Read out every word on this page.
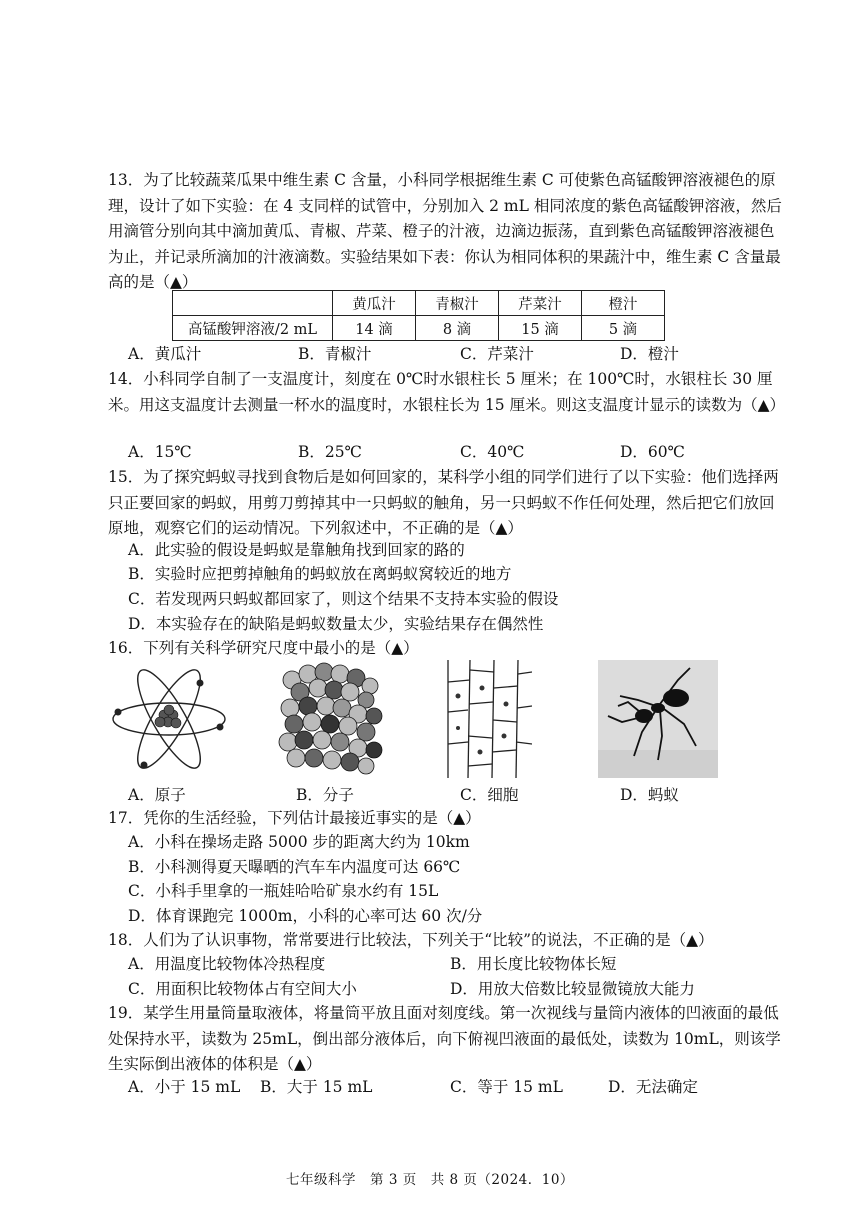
13．为了比较蔬菜瓜果中维生素 C 含量，小科同学根据维生素 C 可使紫色高锰酸钾溶液褪色的原理，设计了如下实验：在 4 支同样的试管中，分别加入 2 mL 相同浓度的紫色高锰酸钾溶液，然后用滴管分别向其中滴加黄瓜、青椒、芹菜、橙子的汁液，边滴边振荡，直到紫色高锰酸钾溶液褪色为止，并记录所滴加的汁液滴数。实验结果如下表：你认为相同体积的果蔬汁中，维生素 C 含量最高的是（▲）
	黄瓜汁	青椒汁	芹菜汁	橙汁
高锰酸钾溶液/2 mL	14 滴	8 滴	15 滴	5 滴
A．黄瓜汁	B．青椒汁	C．芹菜汁	D．橙汁
14．小科同学自制了一支温度计，刻度在 0℃时水银柱长 5 厘米；在 100℃时，水银柱长 30 厘米。用这支温度计去测量一杯水的温度时，水银柱长为 15 厘米。则这支温度计显示的读数为（▲）
A．15℃	B．25℃	C．40℃	D．60℃
15．为了探究蚂蚁寻找到食物后是如何回家的，某科学小组的同学们进行了以下实验：他们选择两只正要回家的蚂蚁，用剪刀剪掉其中一只蚂蚁的触角，另一只蚂蚁不作任何处理，然后把它们放回原地，观察它们的运动情况。下列叙述中，不正确的是（▲）
A．此实验的假设是蚂蚁是靠触角找到回家的路的
B．实验时应把剪掉触角的蚂蚁放在离蚂蚁窝较近的地方
C．若发现两只蚂蚁都回家了，则这个结果不支持本实验的假设
D．本实验存在的缺陷是蚂蚁数量太少，实验结果存在偶然性
16．下列有关科学研究尺度中最小的是（▲）
A．原子	B．分子	C．细胞	D．蚂蚁
17．凭你的生活经验，下列估计最接近事实的是（▲）
A．小科在操场走路 5000 步的距离大约为 10km
B．小科测得夏天曝晒的汽车车内温度可达 66℃
C．小科手里拿的一瓶娃哈哈矿泉水约有 15L
D．体育课跑完 1000m，小科的心率可达 60 次/分
18．人们为了认识事物，常常要进行比较法，下列关于“比较”的说法，不正确的是（▲）
A．用温度比较物体冷热程度	B．用长度比较物体长短
C．用面积比较物体占有空间大小	D．用放大倍数比较显微镜放大能力
19．某学生用量筒量取液体，将量筒平放且面对刻度线。第一次视线与量筒内液体的凹液面的最低处保持水平，读数为 25mL，倒出部分液体后，向下俯视凹液面的最低处，读数为 10mL，则该学生实际倒出液体的体积是（▲）
A．小于 15 mL B．大于 15 mL	C．等于 15 mL	D．无法确定
七年级科学　第 3 页　共 8 页（2024．10）
